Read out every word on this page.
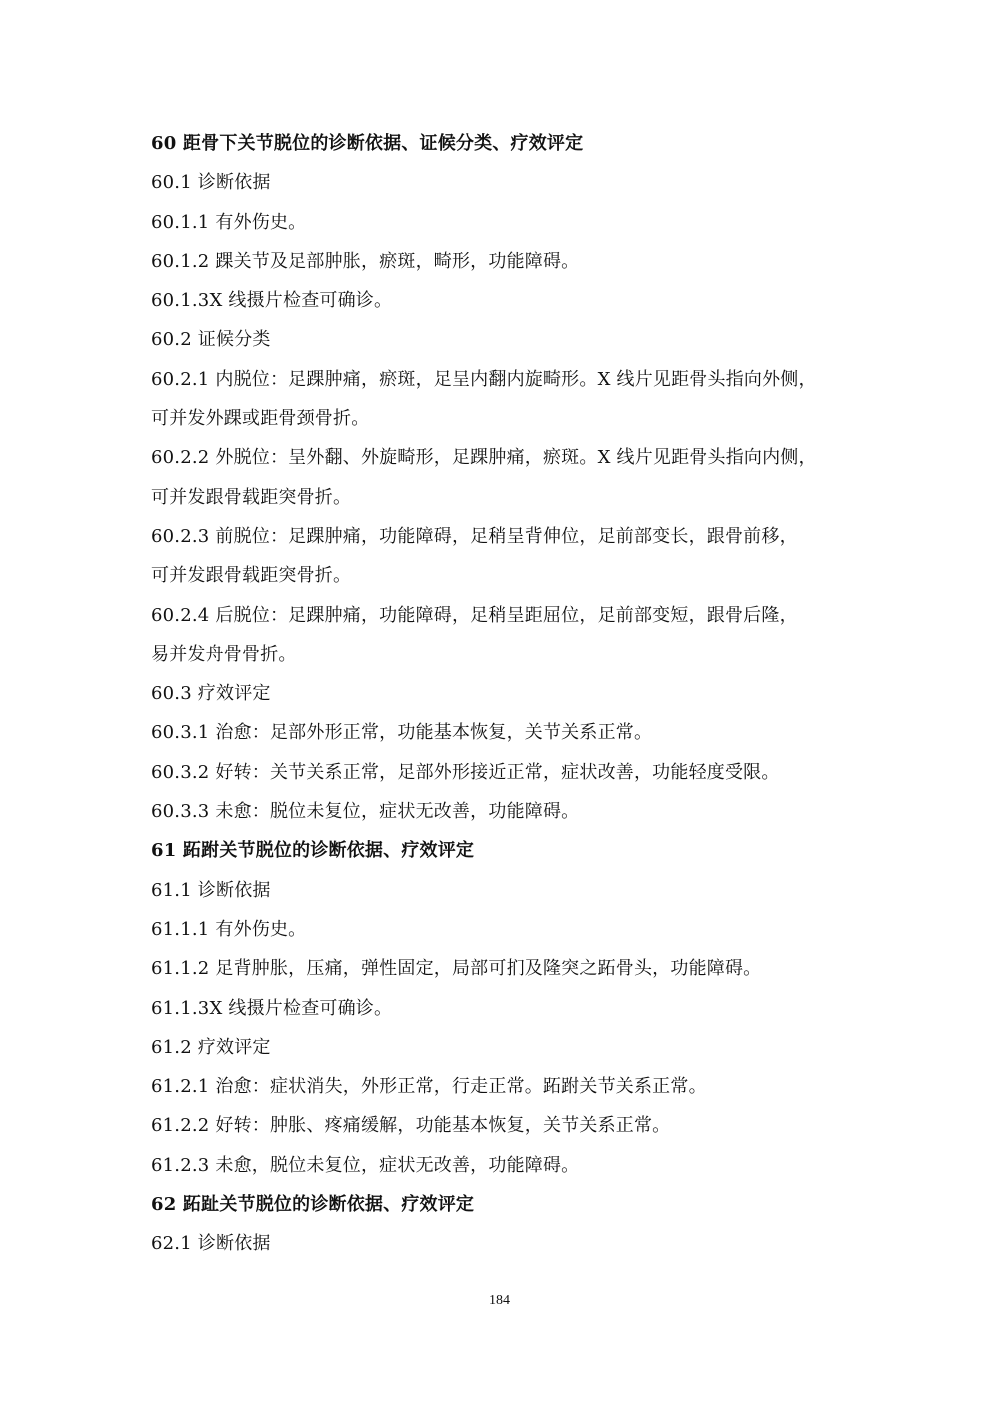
60 距骨下关节脱位的诊断依据、证候分类、疗效评定
60.1 诊断依据
60.1.1 有外伤史。
60.1.2 踝关节及足部肿胀，瘀斑，畸形，功能障碍。
60.1.3X 线摄片检查可确诊。
60.2 证候分类
60.2.1 内脱位：足踝肿痛，瘀斑，足呈内翻内旋畸形。X 线片见距骨头指向外侧，
可并发外踝或距骨颈骨折。
60.2.2 外脱位：呈外翻、外旋畸形，足踝肿痛，瘀斑。X 线片见距骨头指向内侧，
可并发跟骨载距突骨折。
60.2.3 前脱位：足踝肿痛，功能障碍，足稍呈背伸位，足前部变长，跟骨前移，
可并发跟骨载距突骨折。
60.2.4 后脱位：足踝肿痛，功能障碍，足稍呈距屈位，足前部变短，跟骨后隆，
易并发舟骨骨折。
60.3 疗效评定
60.3.1 治愈：足部外形正常，功能基本恢复，关节关系正常。
60.3.2 好转：关节关系正常，足部外形接近正常，症状改善，功能轻度受限。
60.3.3 未愈：脱位未复位，症状无改善，功能障碍。
61 跖跗关节脱位的诊断依据、疗效评定
61.1 诊断依据
61.1.1 有外伤史。
61.1.2 足背肿胀，压痛，弹性固定，局部可扪及隆突之跖骨头，功能障碍。
61.1.3X 线摄片检查可确诊。
61.2 疗效评定
61.2.1 治愈：症状消失，外形正常，行走正常。跖跗关节关系正常。
61.2.2 好转：肿胀、疼痛缓解，功能基本恢复，关节关系正常。
61.2.3 未愈，脱位未复位，症状无改善，功能障碍。
62 跖趾关节脱位的诊断依据、疗效评定
62.1 诊断依据
184
